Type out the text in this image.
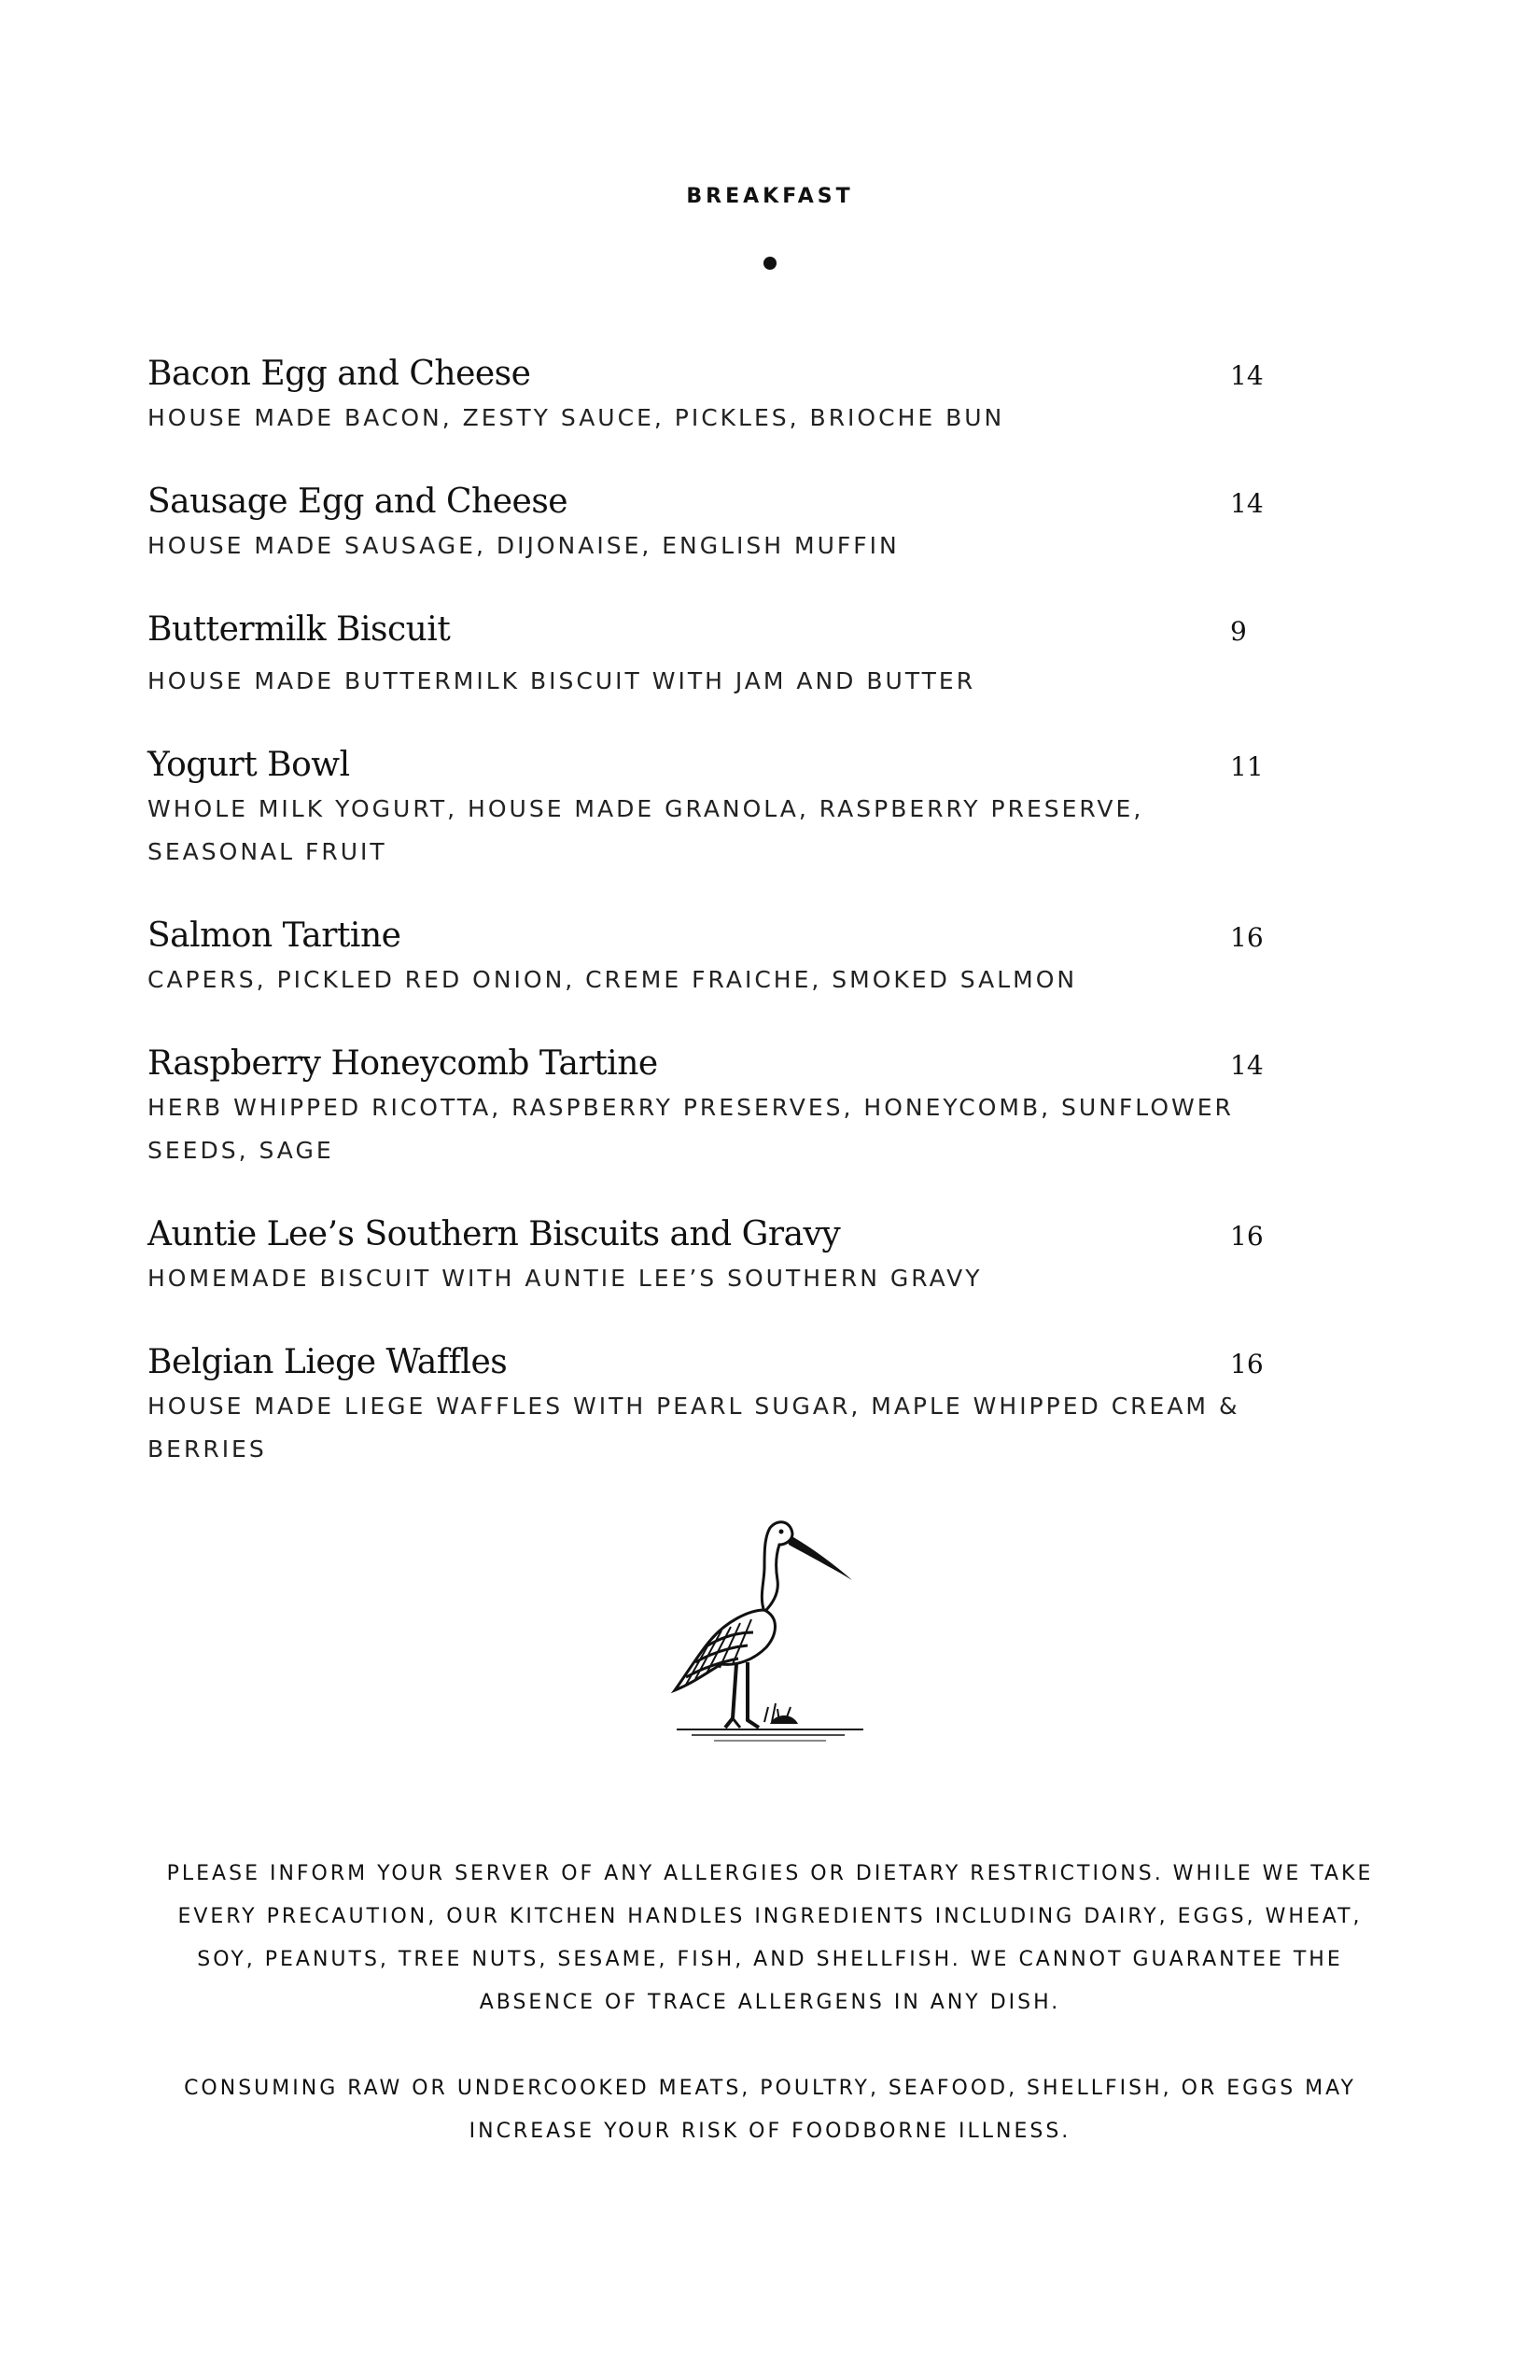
BREAKFAST
Bacon Egg and Cheese	14
HOUSE MADE BACON, ZESTY SAUCE, PICKLES, BRIOCHE BUN
Sausage Egg and Cheese	14
HOUSE MADE SAUSAGE, DIJONAISE, ENGLISH MUFFIN
Buttermilk Biscuit	9
HOUSE MADE BUTTERMILK BISCUIT WITH JAM AND BUTTER
Yogurt Bowl	11
WHOLE MILK YOGURT, HOUSE MADE GRANOLA, RASPBERRY PRESERVE, SEASONAL FRUIT
Salmon Tartine	16
CAPERS, PICKLED RED ONION, CREME FRAICHE, SMOKED SALMON
Raspberry Honeycomb Tartine	14
HERB WHIPPED RICOTTA, RASPBERRY PRESERVES, HONEYCOMB, SUNFLOWER SEEDS, SAGE
Auntie Lee’s Southern Biscuits and Gravy	16
HOMEMADE BISCUIT WITH AUNTIE LEE’S SOUTHERN GRAVY
Belgian Liege Waffles	16
HOUSE MADE LIEGE WAFFLES WITH PEARL SUGAR, MAPLE WHIPPED CREAM & BERRIES

PLEASE INFORM YOUR SERVER OF ANY ALLERGIES OR DIETARY RESTRICTIONS. WHILE WE TAKE EVERY PRECAUTION, OUR KITCHEN HANDLES INGREDIENTS INCLUDING DAIRY, EGGS, WHEAT, SOY, PEANUTS, TREE NUTS, SESAME, FISH, AND SHELLFISH. WE CANNOT GUARANTEE THE ABSENCE OF TRACE ALLERGENS IN ANY DISH.

CONSUMING RAW OR UNDERCOOKED MEATS, POULTRY, SEAFOOD, SHELLFISH, OR EGGS MAY INCREASE YOUR RISK OF FOODBORNE ILLNESS.
